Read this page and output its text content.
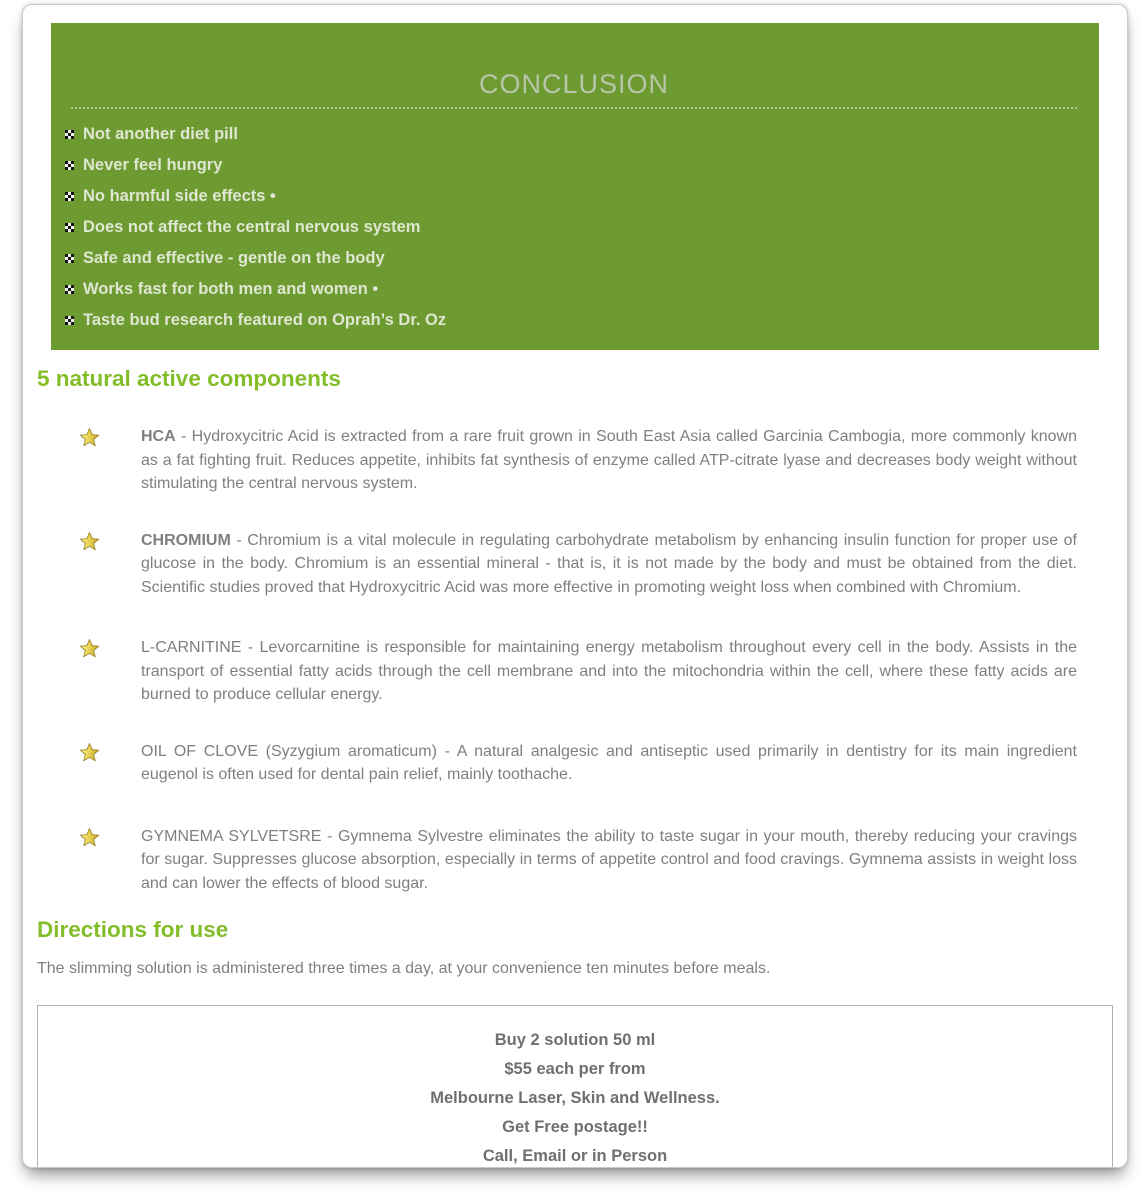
CONCLUSION
Not another diet pill
Never feel hungry
No harmful side effects •
Does not affect the central nervous system
Safe and effective - gentle on the body
Works fast for both men and women •
Taste bud research featured on Oprah’s Dr. Oz
5 natural active components

HCA - Hydroxycitric Acid is extracted from a rare fruit grown in South East Asia called Garcinia Cambogia, more commonly known as a fat fighting fruit. Reduces appetite, inhibits fat synthesis of enzyme called ATP-citrate lyase and decreases body weight without stimulating the central nervous system.

CHROMIUM - Chromium is a vital molecule in regulating carbohydrate metabolism by enhancing insulin function for proper use of glucose in the body. Chromium is an essential mineral - that is, it is not made by the body and must be obtained from the diet. Scientific studies proved that Hydroxycitric Acid was more effective in promoting weight loss when combined with Chromium.

L-CARNITINE - Levorcarnitine is responsible for maintaining energy metabolism throughout every cell in the body. Assists in the transport of essential fatty acids through the cell membrane and into the mitochondria within the cell, where these fatty acids are burned to produce cellular energy.

OIL OF CLOVE (Syzygium aromaticum) - A natural analgesic and antiseptic used primarily in dentistry for its main ingredient eugenol is often used for dental pain relief, mainly toothache.

GYMNEMA SYLVETSRE - Gymnema Sylvestre eliminates the ability to taste sugar in your mouth, thereby reducing your cravings for sugar. Suppresses glucose absorption, especially in terms of appetite control and food cravings. Gymnema assists in weight loss and can lower the effects of blood sugar.

Directions for use

The slimming solution is administered three times a day, at your convenience ten minutes before meals.

Buy 2 solution 50 ml
$55 each per from
Melbourne Laser, Skin and Wellness.
Get Free postage!!
Call, Email or in Person
